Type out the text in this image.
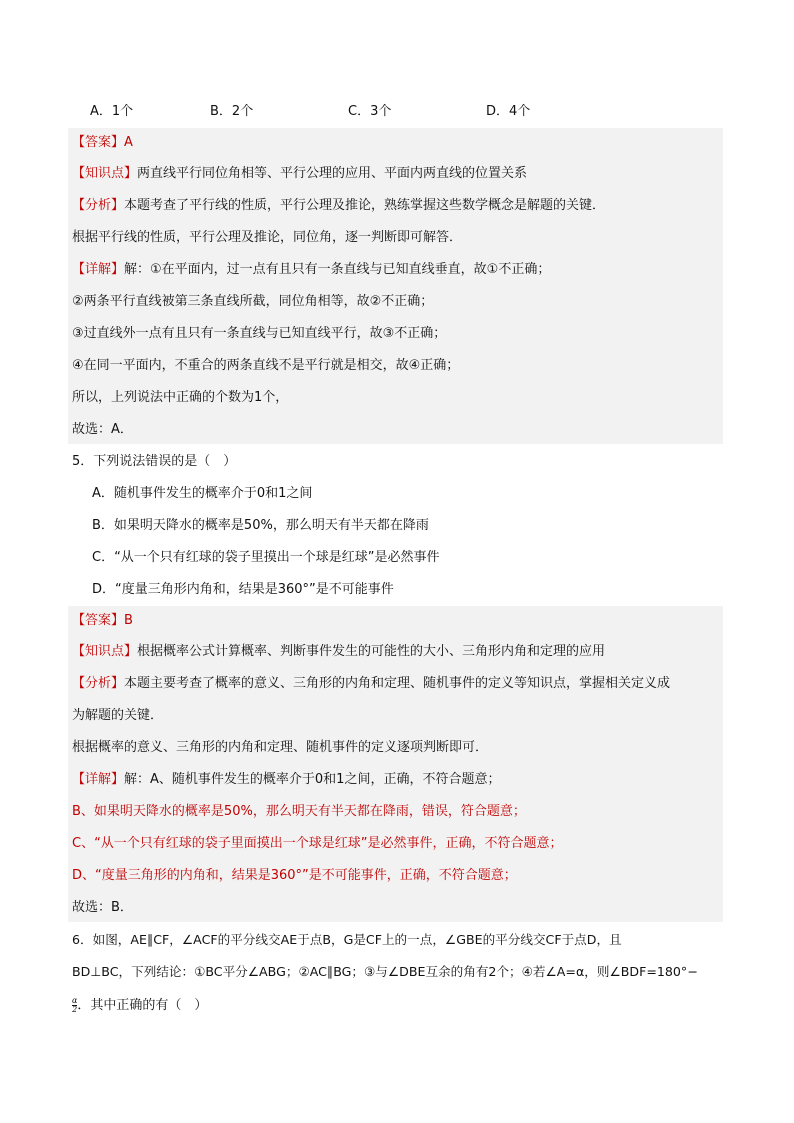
A．1个	B．2个	C．3个	D．4个
【答案】A
【知识点】两直线平行同位角相等、平行公理的应用、平面内两直线的位置关系
【分析】本题考查了平行线的性质，平行公理及推论，熟练掌握这些数学概念是解题的关键．
根据平行线的性质，平行公理及推论，同位角，逐一判断即可解答．
【详解】解：①在平面内，过一点有且只有一条直线与已知直线垂直，故①不正确；
②两条平行直线被第三条直线所截，同位角相等，故②不正确；
③过直线外一点有且只有一条直线与已知直线平行，故③不正确；
④在同一平面内，不重合的两条直线不是平行就是相交，故④正确；
所以，上列说法中正确的个数为1个，
故选：A．
5．下列说法错误的是（　）
A．随机事件发生的概率介于0和1之间
B．如果明天降水的概率是50%，那么明天有半天都在降雨
C．“从一个只有红球的袋子里摸出一个球是红球”是必然事件
D．“度量三角形内角和，结果是360°”是不可能事件
【答案】B
【知识点】根据概率公式计算概率、判断事件发生的可能性的大小、三角形内角和定理的应用
【分析】本题主要考查了概率的意义、三角形的内角和定理、随机事件的定义等知识点，掌握相关定义成
为解题的关键．
根据概率的意义、三角形的内角和定理、随机事件的定义逐项判断即可．
【详解】解：A、随机事件发生的概率介于0和1之间，正确，不符合题意；
B、如果明天降水的概率是50%，那么明天有半天都在降雨，错误，符合题意；
C、“从一个只有红球的袋子里面摸出一个球是红球”是必然事件，正确，不符合题意；
D、“度量三角形的内角和，结果是360°”是不可能事件，正确，不符合题意；
故选：B．
6．如图，AE∥CF，∠ACF的平分线交AE于点B，G是CF上的一点，∠GBE的平分线交CF于点D，且
BD⊥BC，下列结论：①BC平分∠ABG；②AC∥BG；③与∠DBE互余的角有2个；④若∠A=α，则∠BDF=180°−
$\frac{\alpha}{2}$ ．其中正确的有（　）
